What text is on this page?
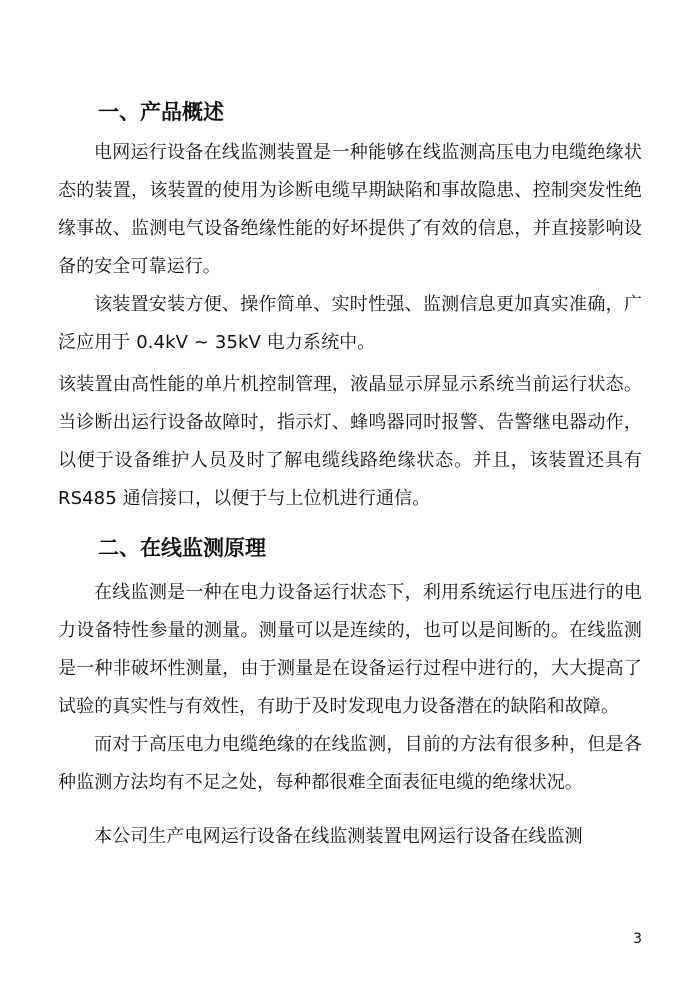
一、产品概述

电网运行设备在线监测装置是一种能够在线监测高压电力电缆绝缘状态的装置，该装置的使用为诊断电缆早期缺陷和事故隐患、控制突发性绝缘事故、监测电气设备绝缘性能的好坏提供了有效的信息，并直接影响设备的安全可靠运行。

该装置安装方便、操作简单、实时性强、监测信息更加真实准确，广泛应用于 0.4kV ~ 35kV 电力系统中。

该装置由高性能的单片机控制管理，液晶显示屏显示系统当前运行状态。当诊断出运行设备故障时，指示灯、蜂鸣器同时报警、告警继电器动作，以便于设备维护人员及时了解电缆线路绝缘状态。并且，该装置还具有 RS485 通信接口，以便于与上位机进行通信。

二、在线监测原理

在线监测是一种在电力设备运行状态下，利用系统运行电压进行的电力设备特性参量的测量。测量可以是连续的，也可以是间断的。在线监测是一种非破坏性测量，由于测量是在设备运行过程中进行的，大大提高了试验的真实性与有效性，有助于及时发现电力设备潜在的缺陷和故障。

而对于高压电力电缆绝缘的在线监测，目前的方法有很多种，但是各种监测方法均有不足之处，每种都很难全面表征电缆的绝缘状况。

本公司生产电网运行设备在线监测装置电网运行设备在线监测

3
